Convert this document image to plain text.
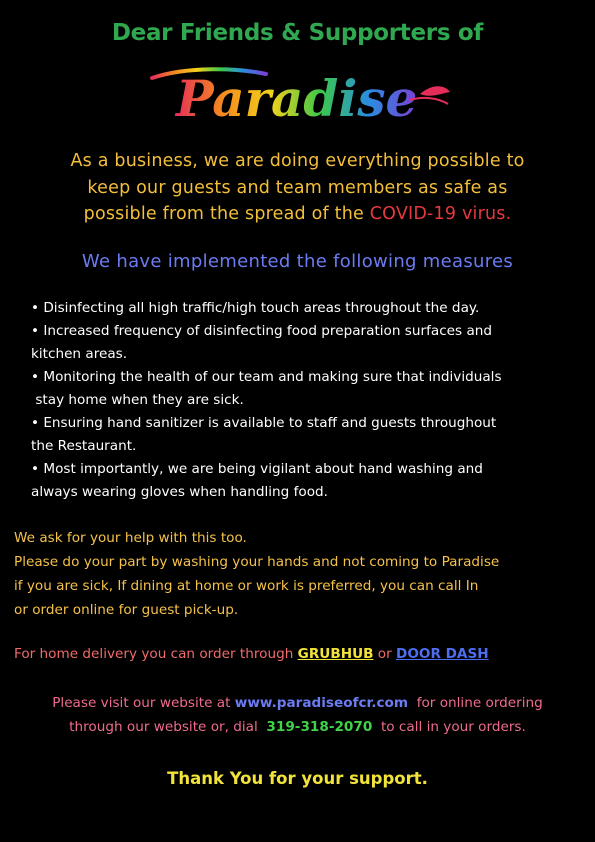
Dear Friends & Supporters of
Paradise
As a business, we are doing everything possible to
keep our guests and team members as safe as
possible from the spread of the COVID-19 virus.
We have implemented the following measures
• Disinfecting all high traffic/high touch areas throughout the day.
• Increased frequency of disinfecting food preparation surfaces and
kitchen areas.
• Monitoring the health of our team and making sure that individuals
stay home when they are sick.
• Ensuring hand sanitizer is available to staff and guests throughout
the Restaurant.
• Most importantly, we are being vigilant about hand washing and
always wearing gloves when handling food.
We ask for your help with this too.
Please do your part by washing your hands and not coming to Paradise
if you are sick, If dining at home or work is preferred, you can call In
or order online for guest pick-up.
For home delivery you can order through GRUBHUB or DOOR DASH
Please visit our website at www.paradiseofcr.com  for online ordering
through our website or, dial  319-318-2070  to call in your orders.
Thank You for your support.
